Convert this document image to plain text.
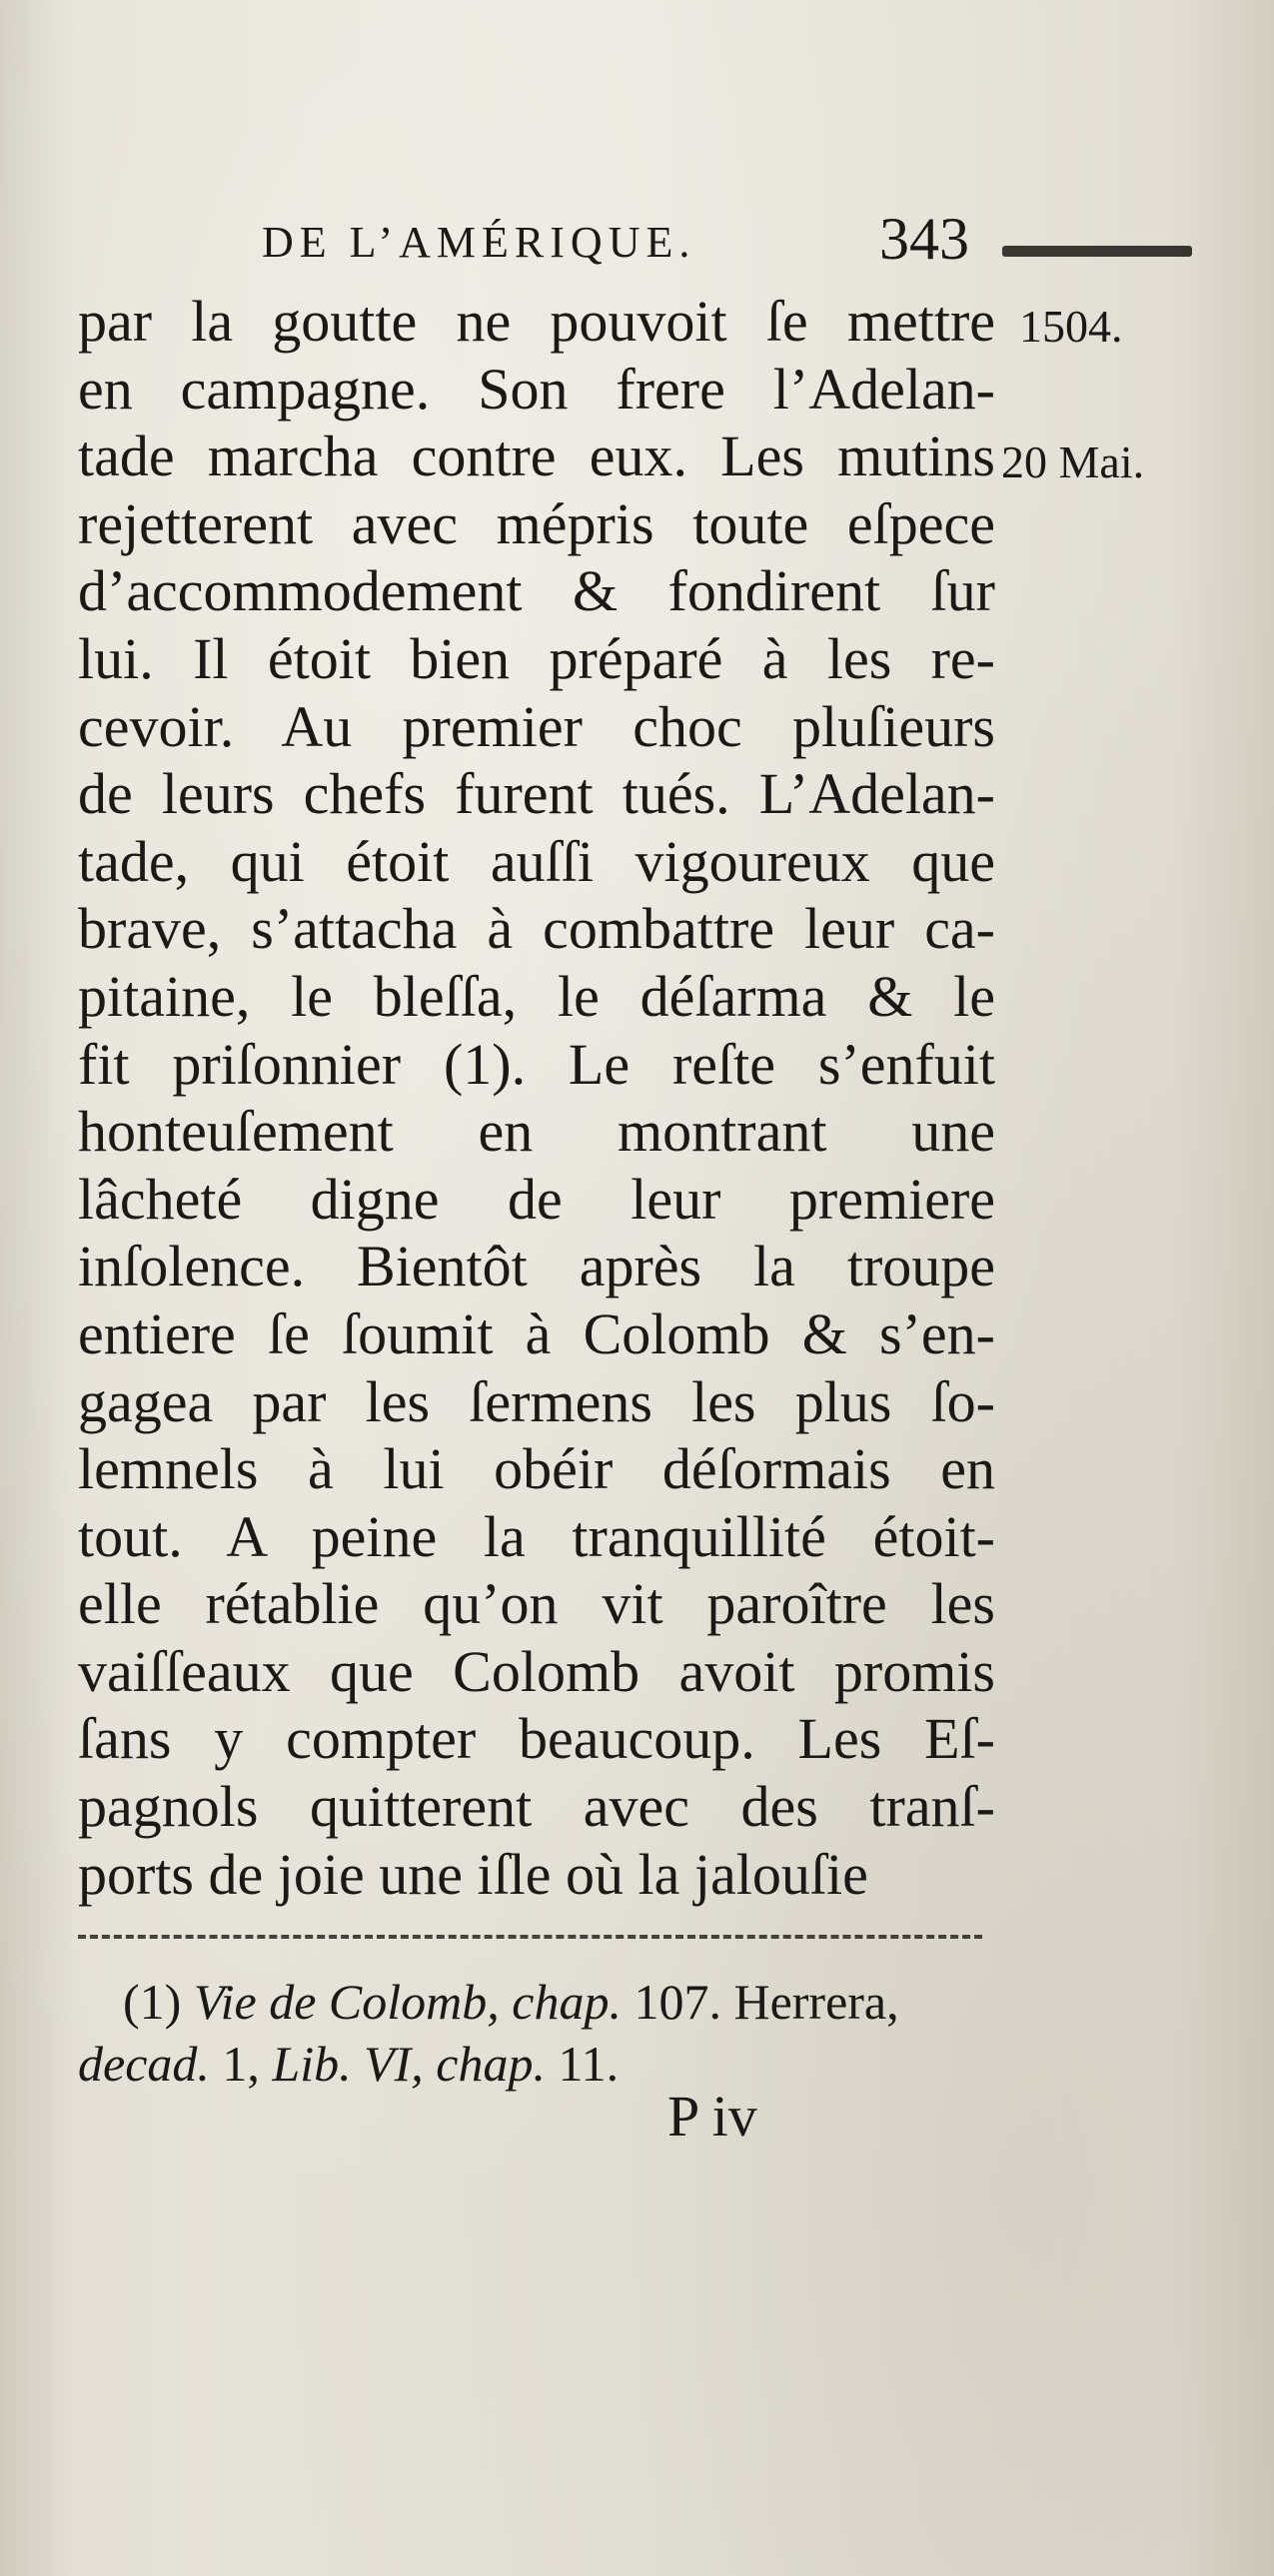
DE L’AMÉRIQUE.	343
1504.
20 Mai.
par la goutte ne pouvoit ſe mettre
en campagne. Son frere l’Adelan-
tade marcha contre eux. Les mutins
rejetterent avec mépris toute eſpece
d’accommodement & fondirent ſur
lui. Il étoit bien préparé à les re-
cevoir. Au premier choc pluſieurs
de leurs chefs furent tués. L’Adelan-
tade, qui étoit auſſi vigoureux que
brave, s’attacha à combattre leur ca-
pitaine, le bleſſa, le déſarma & le
fit priſonnier (1). Le reſte s’enfuit
honteuſement en montrant une
lâcheté digne de leur premiere
inſolence. Bientôt après la troupe
entiere ſe ſoumit à Colomb & s’en-
gagea par les ſermens les plus ſo-
lemnels à lui obéir déſormais en
tout. A peine la tranquillité étoit-
elle rétablie qu’on vit paroître les
vaiſſeaux que Colomb avoit promis
ſans y compter beaucoup. Les Eſ-
pagnols quitterent avec des tranſ-
ports de joie une iſle où la jalouſie
(1) Vie de Colomb, chap. 107. Herrera,
decad. 1, Lib. VI, chap. 11.
P iv
